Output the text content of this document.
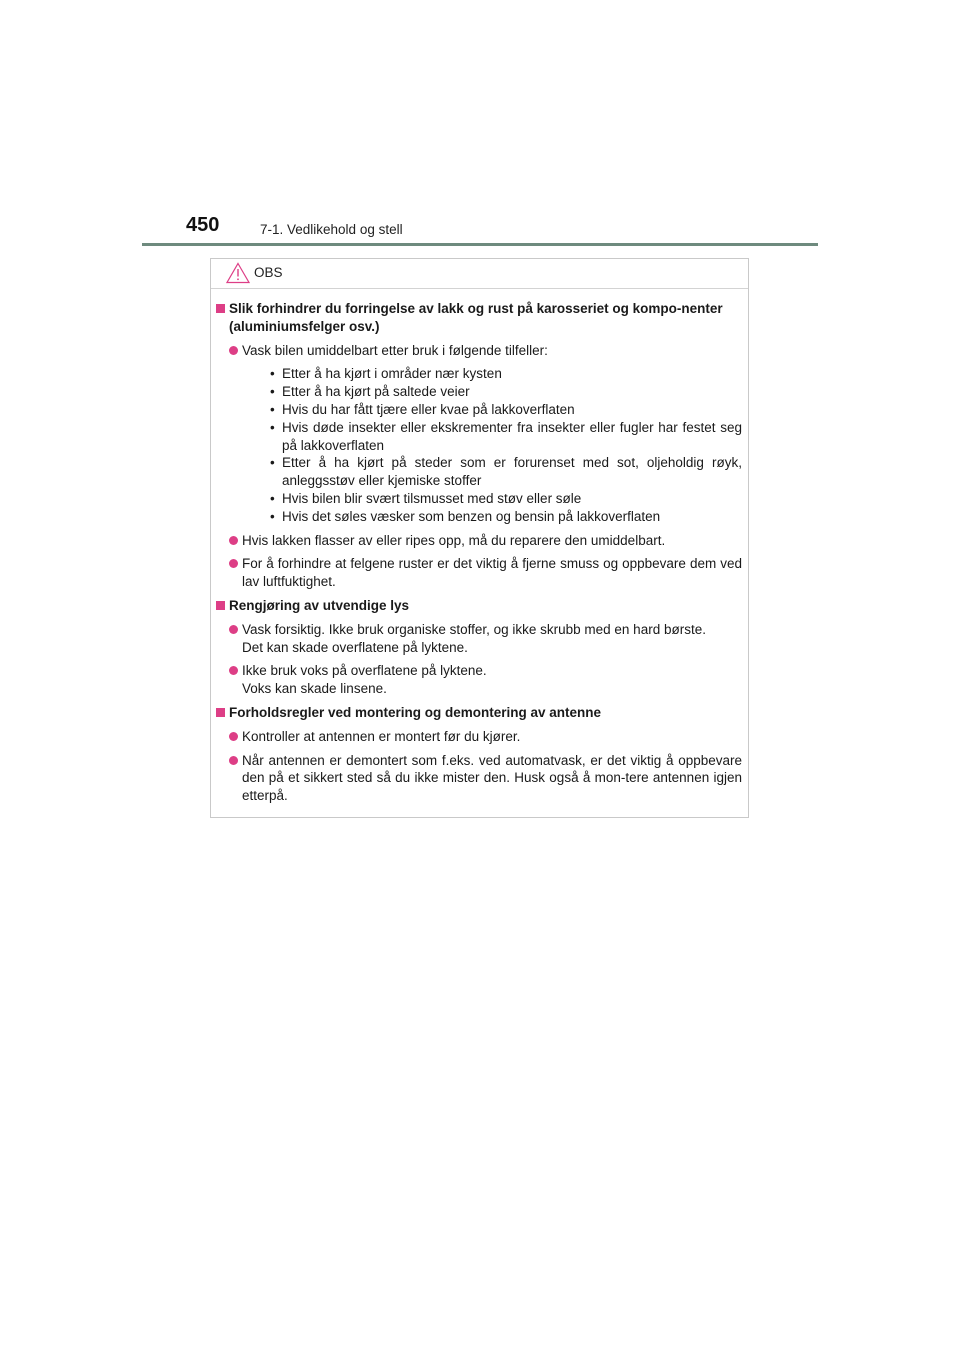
450	7-1. Vedlikehold og stell
OBS
Slik forhindrer du forringelse av lakk og rust på karosseriet og kompo-nenter (aluminiumsfelger osv.)
Vask bilen umiddelbart etter bruk i følgende tilfeller:
• Etter å ha kjørt i områder nær kysten
• Etter å ha kjørt på saltede veier
• Hvis du har fått tjære eller kvae på lakkoverflaten
• Hvis døde insekter eller ekskrementer fra insekter eller fugler har festet seg på lakkoverflaten
• Etter å ha kjørt på steder som er forurenset med sot, oljeholdig røyk, anleggsstøv eller kjemiske stoffer
• Hvis bilen blir svært tilsmusset med støv eller søle
• Hvis det søles væsker som benzen og bensin på lakkoverflaten
Hvis lakken flasser av eller ripes opp, må du reparere den umiddelbart.
For å forhindre at felgene ruster er det viktig å fjerne smuss og oppbevare dem ved lav luftfuktighet.
Rengjøring av utvendige lys
Vask forsiktig. Ikke bruk organiske stoffer, og ikke skrubb med en hard børste.
Det kan skade overflatene på lyktene.
Ikke bruk voks på overflatene på lyktene.
Voks kan skade linsene.
Forholdsregler ved montering og demontering av antenne
Kontroller at antennen er montert før du kjører.
Når antennen er demontert som f.eks. ved automatvask, er det viktig å oppbevare den på et sikkert sted så du ikke mister den. Husk også å mon-tere antennen igjen etterpå.
